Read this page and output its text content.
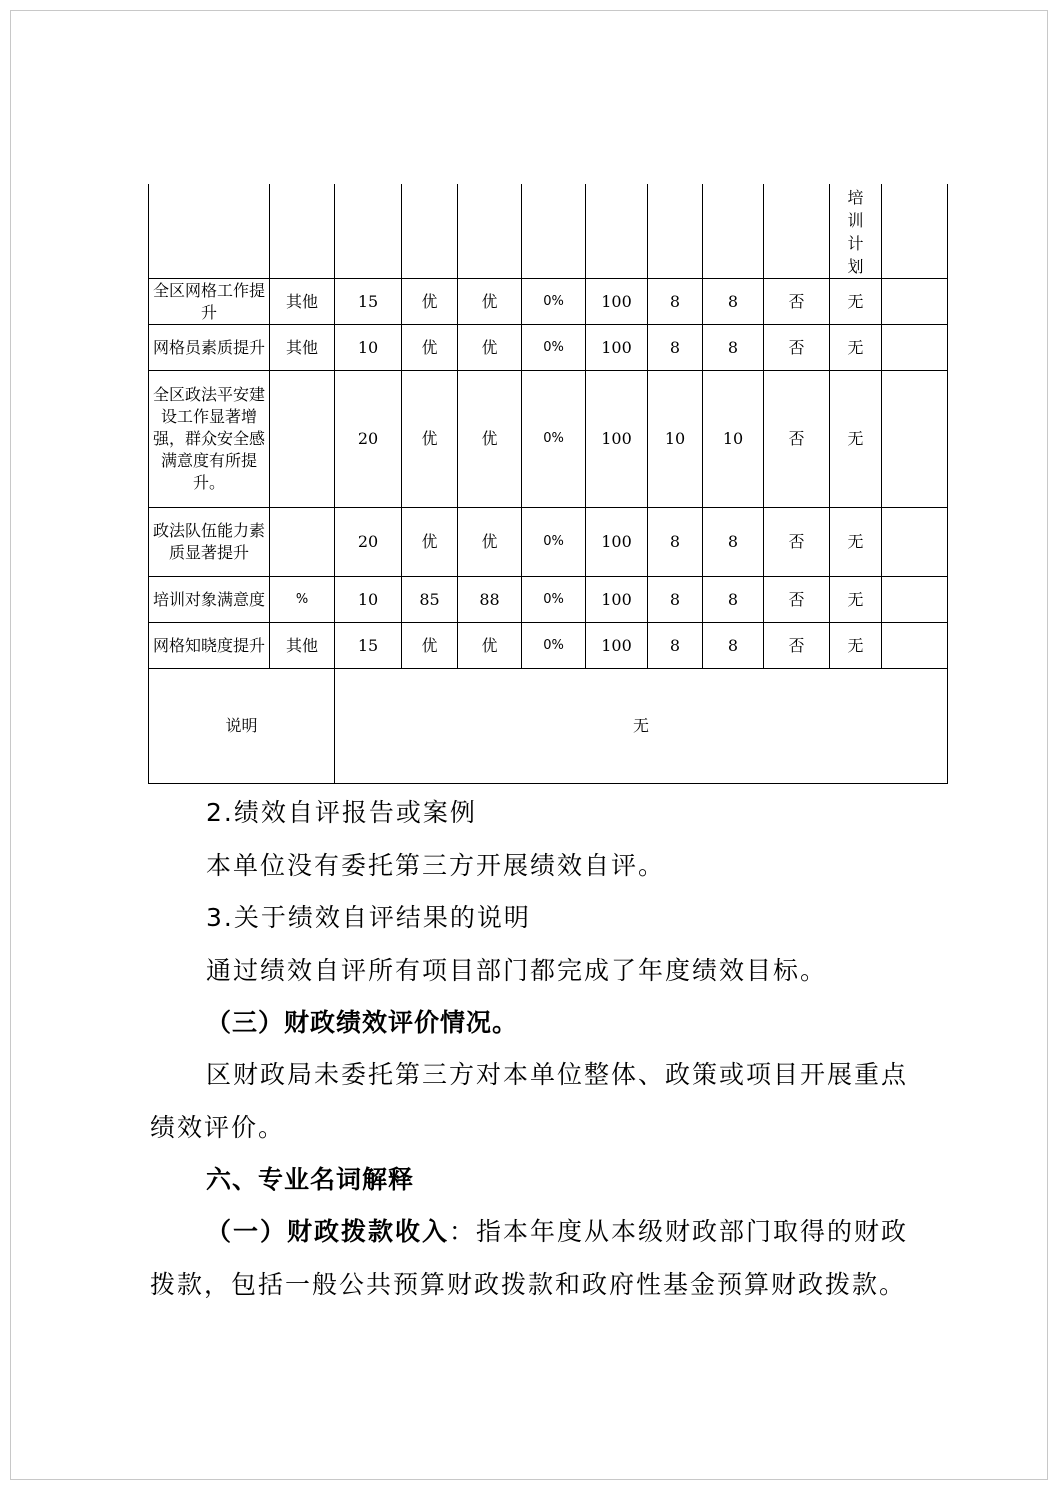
										培
训
计
划	

全区网格工作提升	其他	15	优	优	0%	100	8	8	否	无	
网格员素质提升	其他	10	优	优	0%	100	8	8	否	无	
全区政法平安建设工作显著增强，群众安全感满意度有所提升。		20	优	优	0%	100	10	10	否	无	
政法队伍能力素质显著提升		20	优	优	0%	100	8	8	否	无	
培训对象满意度	%	10	85	88	0%	100	8	8	否	无	
网格知晓度提升	其他	15	优	优	0%	100	8	8	否	无	
说明		无									

2.绩效自评报告或案例

本单位没有委托第三方开展绩效自评。

3.关于绩效自评结果的说明

通过绩效自评所有项目部门都完成了年度绩效目标。

（三）财政绩效评价情况。

区财政局未委托第三方对本单位整体、政策或项目开展重点

绩效评价。

六、专业名词解释

（一）财政拨款收入：指本年度从本级财政部门取得的财政

拨款，包括一般公共预算财政拨款和政府性基金预算财政拨款。
